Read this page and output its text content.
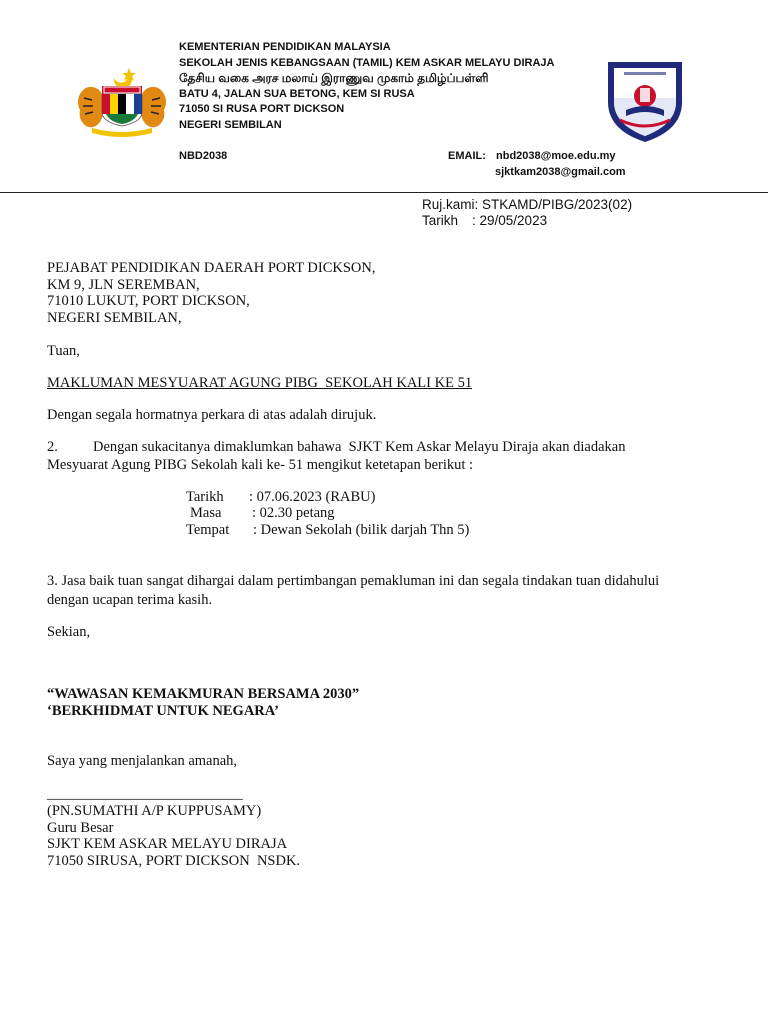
KEMENTERIAN PENDIDIKAN MALAYSIA
SEKOLAH JENIS KEBANGSAAN (TAMIL) KEM ASKAR MELAYU DIRAJA
தேசிய வகை அரச மலாய் இராணுவ முகாம் தமிழ்ப்பள்ளி
BATU 4, JALAN SUA BETONG, KEM SI RUSA
71050 SI RUSA PORT DICKSON
NEGERI SEMBILAN
NBD2038	EMAIL: nbd2038@moe.edu.my
sjktkam2038@gmail.com
Ruj.kami: STKAMD/PIBG/2023(02)
Tarikh : 29/05/2023
PEJABAT PENDIDIKAN DAERAH PORT DICKSON,
KM 9, JLN SEREMBAN,
71010 LUKUT, PORT DICKSON,
NEGERI SEMBILAN,
Tuan,
MAKLUMAN MESYUARAT AGUNG PIBG  SEKOLAH KALI KE 51
Dengan segala hormatnya perkara di atas adalah dirujuk.
2. Dengan sukacitanya dimaklumkan bahawa  SJKT Kem Askar Melayu Diraja akan diadakan
Mesyuarat Agung PIBG Sekolah kali ke- 51 mengikut ketetapan berikut :
Tarikh : 07.06.2023 (RABU)
Masa : 02.30 petang
Tempat : Dewan Sekolah (bilik darjah Thn 5)
3. Jasa baik tuan sangat dihargai dalam pertimbangan pemakluman ini dan segala tindakan tuan didahului
dengan ucapan terima kasih.
Sekian,
“WAWASAN KEMAKMURAN BERSAMA 2030”
‘BERKHIDMAT UNTUK NEGARA’
Saya yang menjalankan amanah,
___________________________
(PN.SUMATHI A/P KUPPUSAMY)
Guru Besar
SJKT KEM ASKAR MELAYU DIRAJA
71050 SIRUSA, PORT DICKSON  NSDK.
